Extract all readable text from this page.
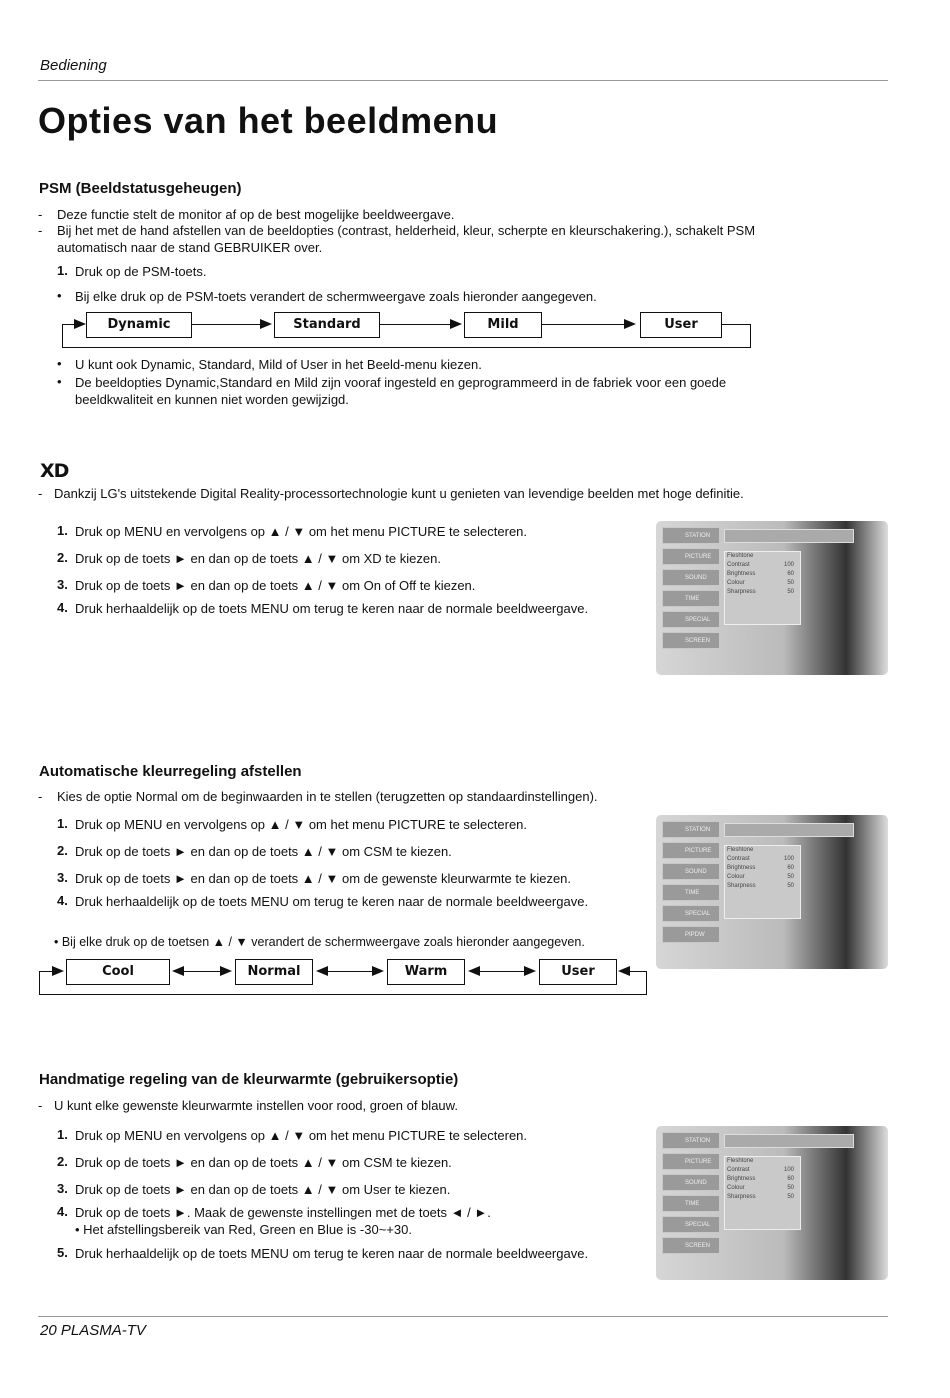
Bediening
Opties van het beeldmenu
PSM (Beeldstatusgeheugen)
- Deze functie stelt de monitor af op de best mogelijke beeldweergave.
- Bij het met de hand afstellen van de beeldopties (contrast, helderheid, kleur, scherpte en kleurschakering.), schakelt PSM automatisch naar de stand GEBRUIKER over.
1. Druk op de PSM-toets.
• Bij elke druk op de PSM-toets verandert de schermweergave zoals hieronder aangegeven.
Dynamic	Standard	Mild	User
• U kunt ook Dynamic, Standard, Mild of User in het Beeld-menu kiezen.
• De beeldopties Dynamic,Standard en Mild zijn vooraf ingesteld en geprogrammeerd in de fabriek voor een goede beeldkwaliteit en kunnen niet worden gewijzigd.
XD
- Dankzij LG's uitstekende Digital Reality-processortechnologie kunt u genieten van levendige beelden met hoge definitie.
1. Druk op MENU en vervolgens op ▲ / ▼ om het menu PICTURE te selecteren.
2. Druk op de toets ► en dan op de toets ▲ / ▼ om XD te kiezen.
3. Druk op de toets ► en dan op de toets ▲ / ▼ om On of Off te kiezen.
4. Druk herhaaldelijk op de toets MENU om terug te keren naar de normale beeldweergave.
STATION
PICTURE
SOUND
TIME
SPECIAL
SCREEN
Fleshtone
Contrast	100
Brightness	60
Colour	50
Sharpness	50
Automatische kleurregeling afstellen
- Kies de optie Normal om de beginwaarden in te stellen (terugzetten op standaardinstellingen).
1. Druk op MENU en vervolgens op ▲ / ▼ om het menu PICTURE te selecteren.
2. Druk op de toets ► en dan op de toets ▲ / ▼ om CSM te kiezen.
3. Druk op de toets ► en dan op de toets ▲ / ▼ om de gewenste kleurwarmte te kiezen.
4. Druk herhaaldelijk op de toets MENU om terug te keren naar de normale beeldweergave.
• Bij elke druk op de toetsen ▲ / ▼ verandert de schermweergave zoals hieronder aangegeven.
STATION
PICTURE
SOUND
TIME
SPECIAL
PIPDW
Fleshtone
Contrast	100
Brightness	60
Colour	50
Sharpness	50
Cool	Normal	Warm	User
Handmatige regeling van de kleurwarmte (gebruikersoptie)
- U kunt elke gewenste kleurwarmte instellen voor rood, groen of blauw.
1. Druk op MENU en vervolgens op ▲ / ▼ om het menu PICTURE te selecteren.
2. Druk op de toets ► en dan op de toets ▲ / ▼ om CSM te kiezen.
3. Druk op de toets ► en dan op de toets ▲ / ▼ om User te kiezen.
4. Druk op de toets ►. Maak de gewenste instellingen met de toets ◄ / ►.
• Het afstellingsbereik van Red, Green en Blue is -30~+30.
5. Druk herhaaldelijk op de toets MENU om terug te keren naar de normale beeldweergave.
STATION
PICTURE
SOUND
TIME
SPECIAL
SCREEN
Fleshtone
Contrast	100
Brightness	60
Colour	50
Sharpness	50
20 PLASMA-TV
